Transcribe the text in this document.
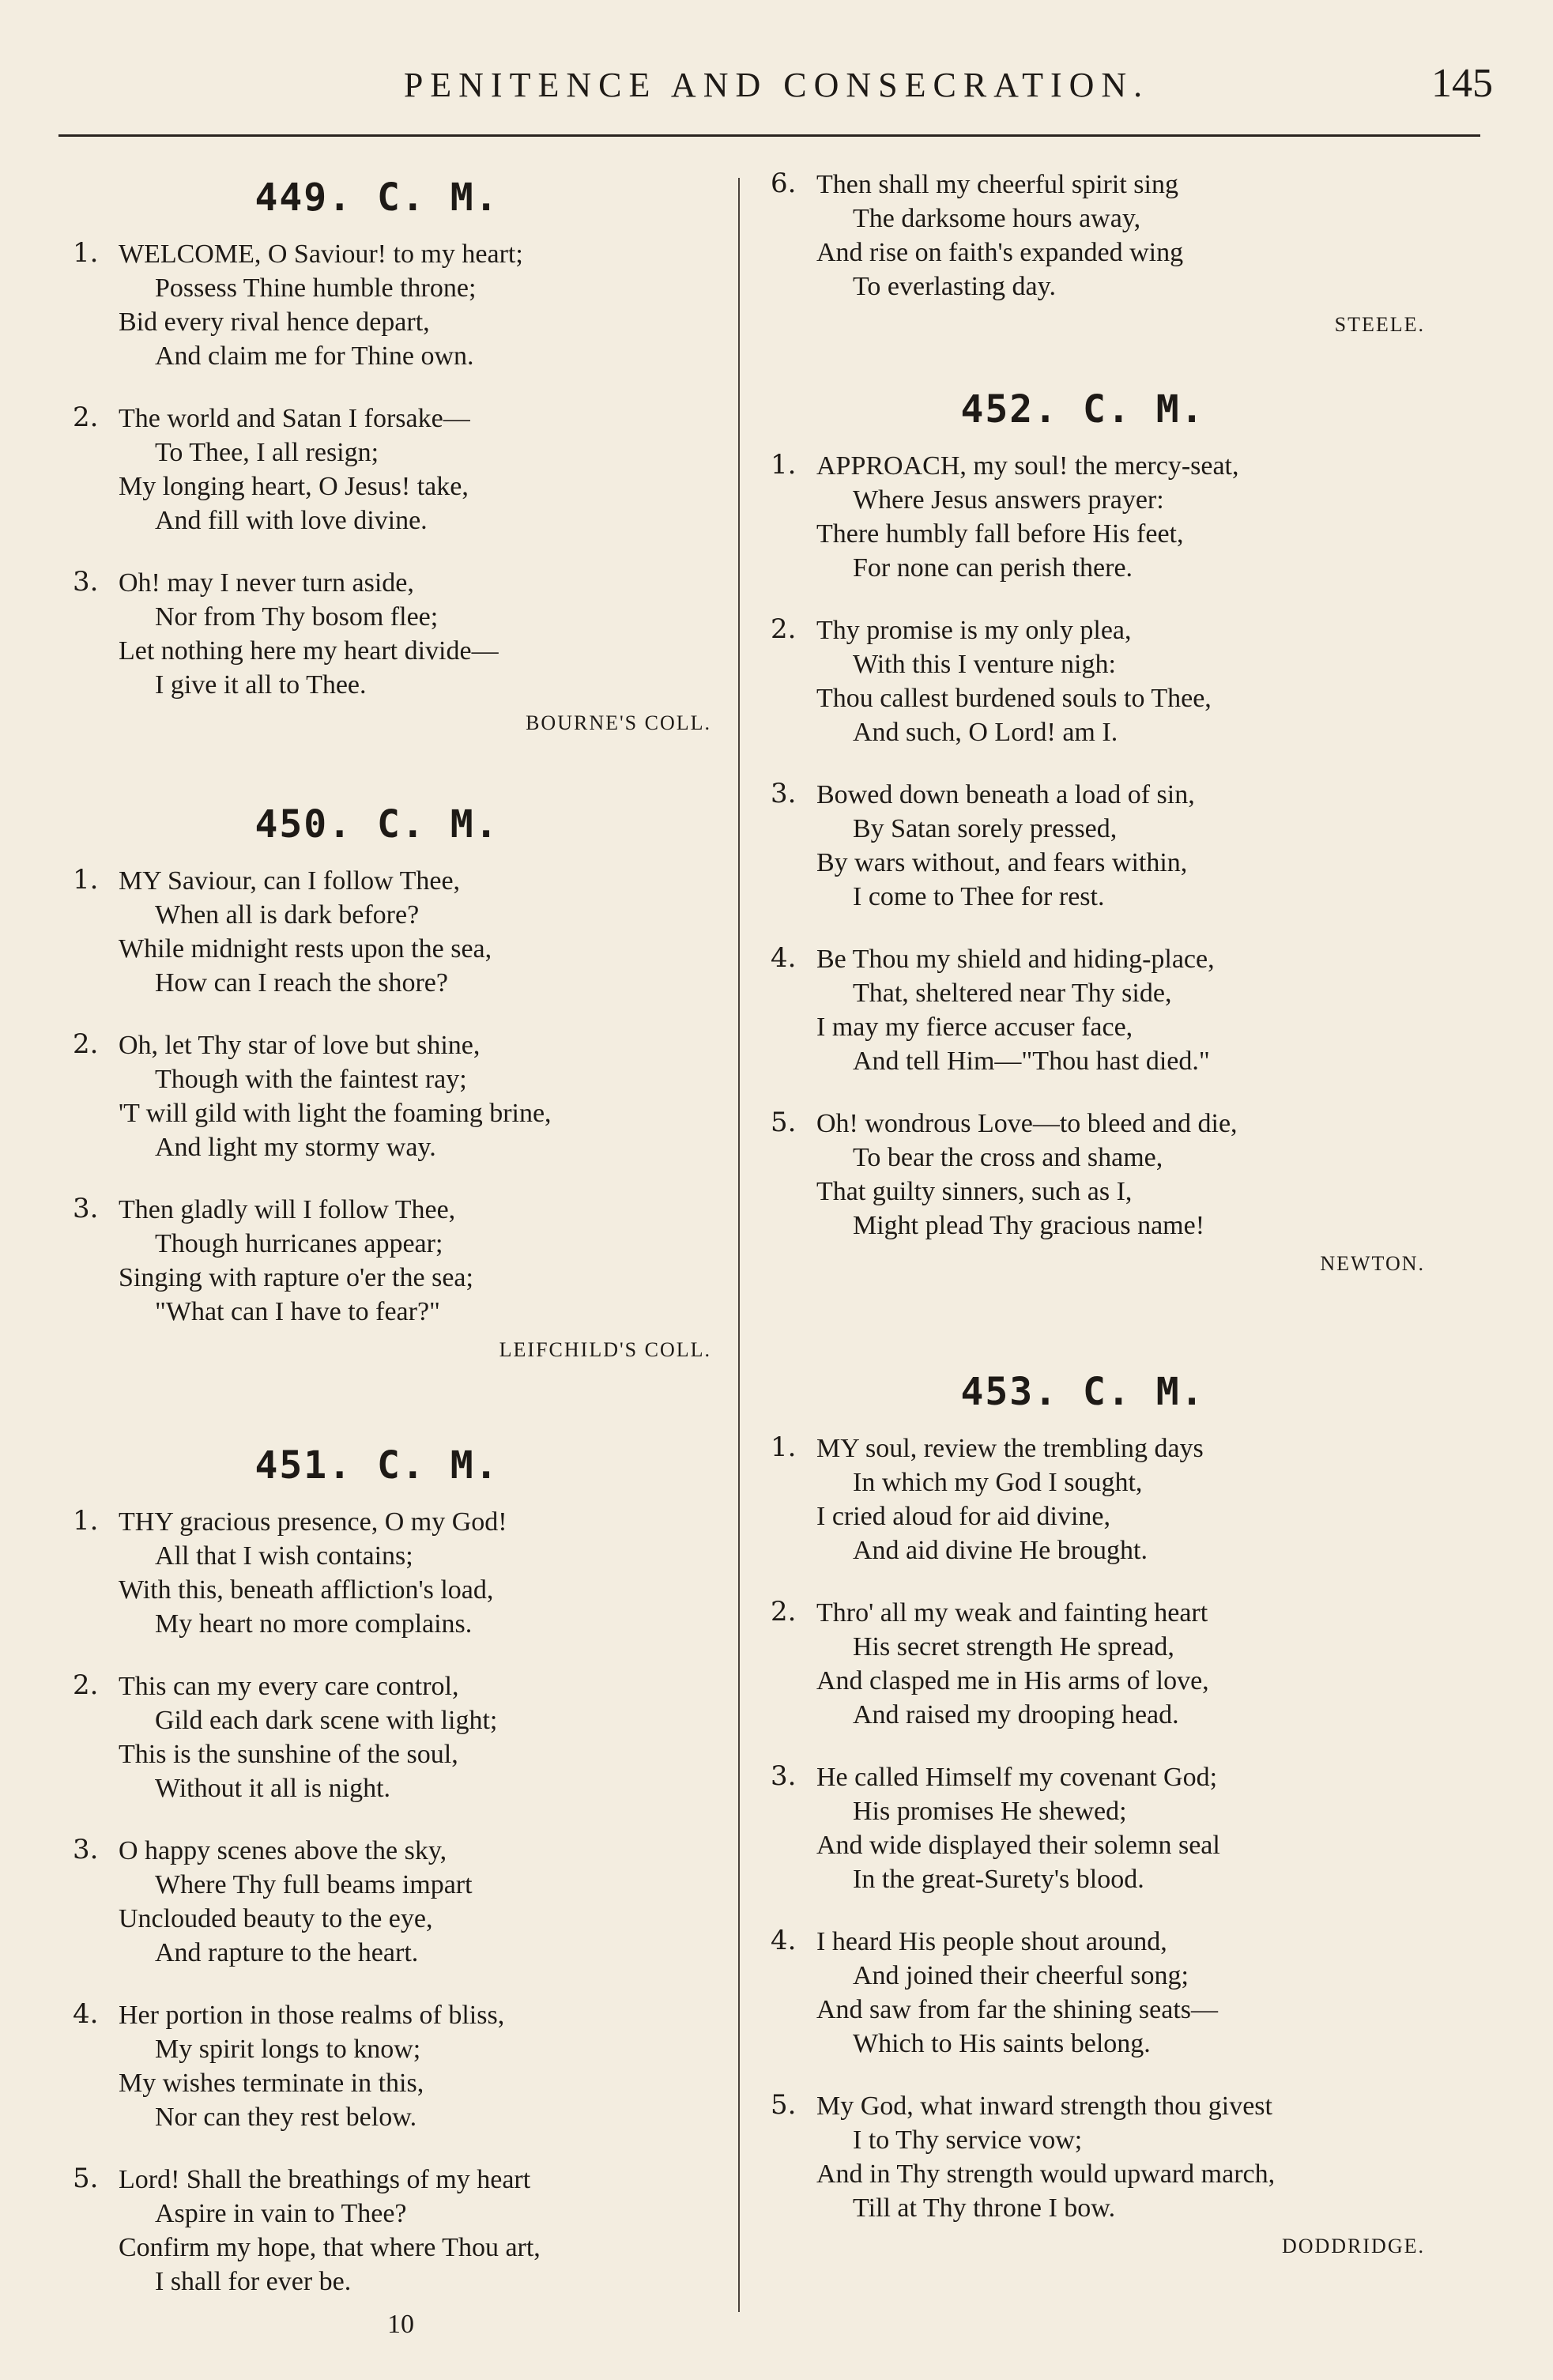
PENITENCE AND CONSECRATION.	145
449. C. M.
1. WELCOME, O Saviour! to my heart;
Possess Thine humble throne;
Bid every rival hence depart,
And claim me for Thine own.
2. The world and Satan I forsake—
To Thee, I all resign;
My longing heart, O Jesus! take,
And fill with love divine.
3. Oh! may I never turn aside,
Nor from Thy bosom flee;
Let nothing here my heart divide—
I give it all to Thee.
BOURNE'S COLL.
450. C. M.
1. MY Saviour, can I follow Thee,
When all is dark before?
While midnight rests upon the sea,
How can I reach the shore?
2. Oh, let Thy star of love but shine,
Though with the faintest ray;
'T will gild with light the foaming brine,
And light my stormy way.
3. Then gladly will I follow Thee,
Though hurricanes appear;
Singing with rapture o'er the sea;
"What can I have to fear?"
LEIFCHILD'S COLL.
451. C. M.
1. THY gracious presence, O my God!
All that I wish contains;
With this, beneath affliction's load,
My heart no more complains.
2. This can my every care control,
Gild each dark scene with light;
This is the sunshine of the soul,
Without it all is night.
3. O happy scenes above the sky,
Where Thy full beams impart
Unclouded beauty to the eye,
And rapture to the heart.
4. Her portion in those realms of bliss,
My spirit longs to know;
My wishes terminate in this,
Nor can they rest below.
5. Lord! Shall the breathings of my heart
Aspire in vain to Thee?
Confirm my hope, that where Thou art,
I shall for ever be.
6. Then shall my cheerful spirit sing
The darksome hours away,
And rise on faith's expanded wing
To everlasting day.
STEELE.
452. C. M.
1. APPROACH, my soul! the mercy-seat,
Where Jesus answers prayer:
There humbly fall before His feet,
For none can perish there.
2. Thy promise is my only plea,
With this I venture nigh:
Thou callest burdened souls to Thee,
And such, O Lord! am I.
3. Bowed down beneath a load of sin,
By Satan sorely pressed,
By wars without, and fears within,
I come to Thee for rest.
4. Be Thou my shield and hiding-place,
That, sheltered near Thy side,
I may my fierce accuser face,
And tell Him—"Thou hast died."
5. Oh! wondrous Love—to bleed and die,
To bear the cross and shame,
That guilty sinners, such as I,
Might plead Thy gracious name!
NEWTON.
453. C. M.
1. MY soul, review the trembling days
In which my God I sought,
I cried aloud for aid divine,
And aid divine He brought.
2. Thro' all my weak and fainting heart
His secret strength He spread,
And clasped me in His arms of love,
And raised my drooping head.
3. He called Himself my covenant God;
His promises He shewed;
And wide displayed their solemn seal
In the great-Surety's blood.
4. I heard His people shout around,
And joined their cheerful song;
And saw from far the shining seats—
Which to His saints belong.
5. My God, what inward strength thou givest
I to Thy service vow;
And in Thy strength would upward march,
Till at Thy throne I bow.
DODDRIDGE.
10
